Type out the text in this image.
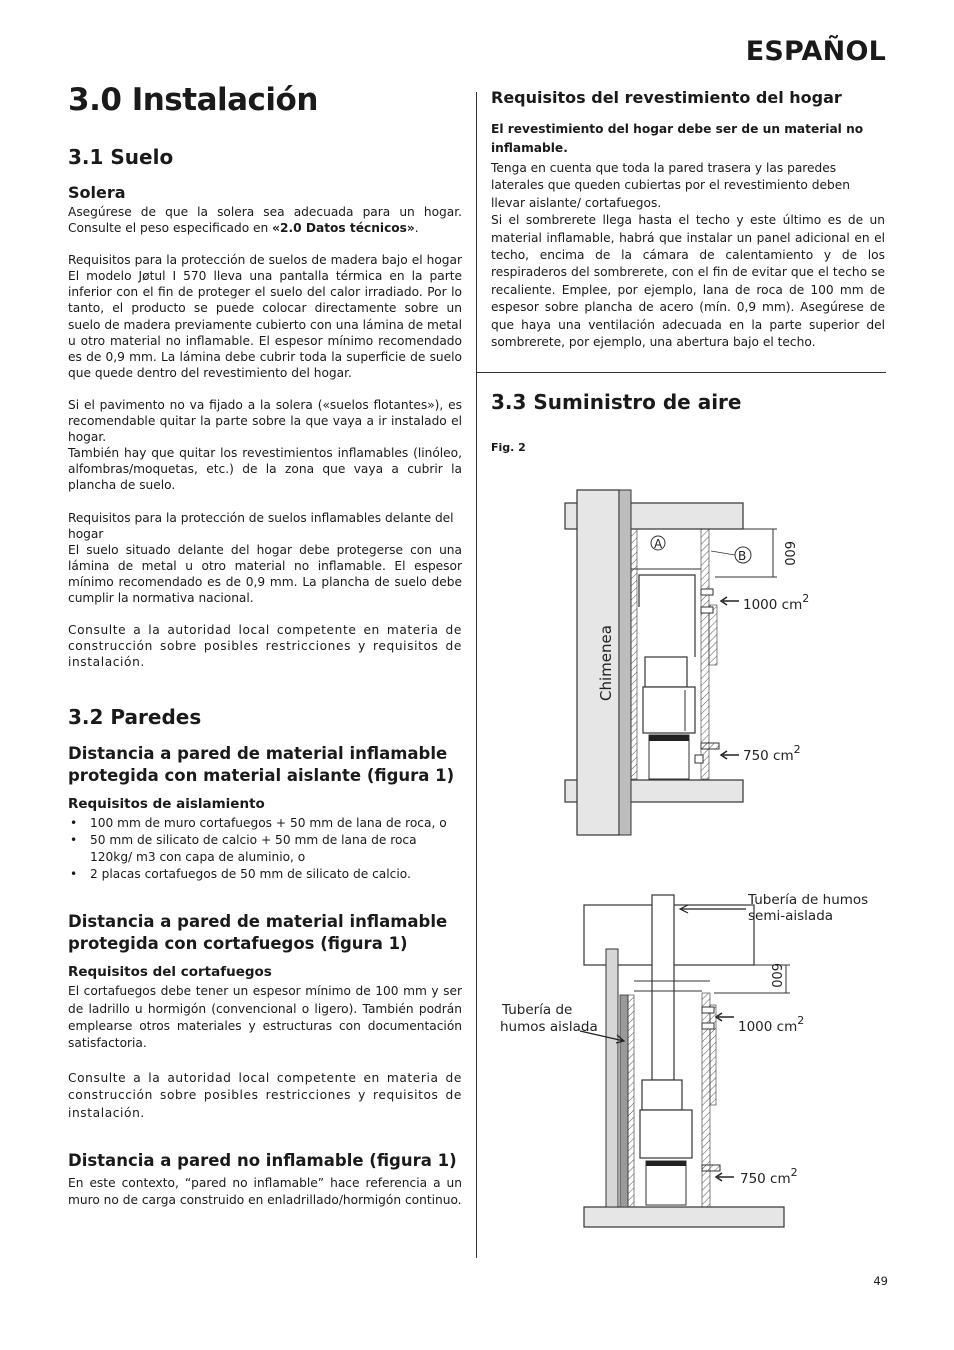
ESPAÑOL
3.0 Instalación
3.1 Suelo
Solera

Asegúrese de que la solera sea adecuada para un hogar. Consulte el peso especificado en «2.0 Datos técnicos».

Requisitos para la protección de suelos de madera bajo el hogar El modelo Jøtul I 570 lleva una pantalla térmica en la parte inferior con el fin de proteger el suelo del calor irradiado. Por lo tanto, el producto se puede colocar directamente sobre un suelo de madera previamente cubierto con una lámina de metal u otro material no inflamable. El espesor mínimo recomendado es de 0,9 mm. La lámina debe cubrir toda la superficie de suelo que quede dentro del revestimiento del hogar.

Si el pavimento no va fijado a la solera («suelos flotantes»), es recomendable quitar la parte sobre la que vaya a ir instalado el hogar.

También hay que quitar los revestimientos inflamables (linóleo, alfombras/moquetas, etc.) de la zona que vaya a cubrir la plancha de suelo.

Requisitos para la protección de suelos inflamables delante del hogar

El suelo situado delante del hogar debe protegerse con una lámina de metal u otro material no inflamable. El espesor mínimo recomendado es de 0,9 mm. La plancha de suelo debe cumplir la normativa nacional.

Consulte a la autoridad local competente en materia de construcción sobre posibles restricciones y requisitos de instalación.

3.2 Paredes
Distancia a pared de material inflamable protegida con material aislante (figura 1)
Requisitos de aislamiento
• 100 mm de muro cortafuegos + 50 mm de lana de roca, o
• 50 mm de silicato de calcio + 50 mm de lana de roca 120kg/ m3 con capa de aluminio, o
• 2 placas cortafuegos de 50 mm de silicato de calcio.
Distancia a pared de material inflamable protegida con cortafuegos (figura 1)
Requisitos del cortafuegos

El cortafuegos debe tener un espesor mínimo de 100 mm y ser de ladrillo u hormigón (convencional o ligero). También podrán emplearse otros materiales y estructuras con documentación satisfactoria.

Consulte a la autoridad local competente en materia de construcción sobre posibles restricciones y requisitos de instalación.

Distancia a pared no inflamable (figura 1)

En este contexto, “pared no inflamable” hace referencia a un muro no de carga construido en enladrillado/hormigón continuo.

Requisitos del revestimiento del hogar

El revestimiento del hogar debe ser de un material no inflamable.

Tenga en cuenta que toda la pared trasera y las paredes laterales que queden cubiertas por el revestimiento deben llevar aislante/ cortafuegos.

Si el sombrerete llega hasta el techo y este último es de un material inflamable, habrá que instalar un panel adicional en el techo, encima de la cámara de calentamiento y de los respiraderos del sombrerete, con el fin de evitar que el techo se recaliente. Emplee, por ejemplo, lana de roca de 100 mm de espesor sobre plancha de acero (mín. 0,9 mm). Asegúrese de que haya una ventilación adecuada en la parte superior del sombrerete, por ejemplo, una abertura bajo el techo.

3.3 Suministro de aire

Fig. 2

A
B	600
1000 $cm^2$
750 $cm^2$
Chimenea
Tubería de humos
semi-aislada
Tubería de
humos aislada
600
1000 $cm^2$
750 $cm^2$
49
